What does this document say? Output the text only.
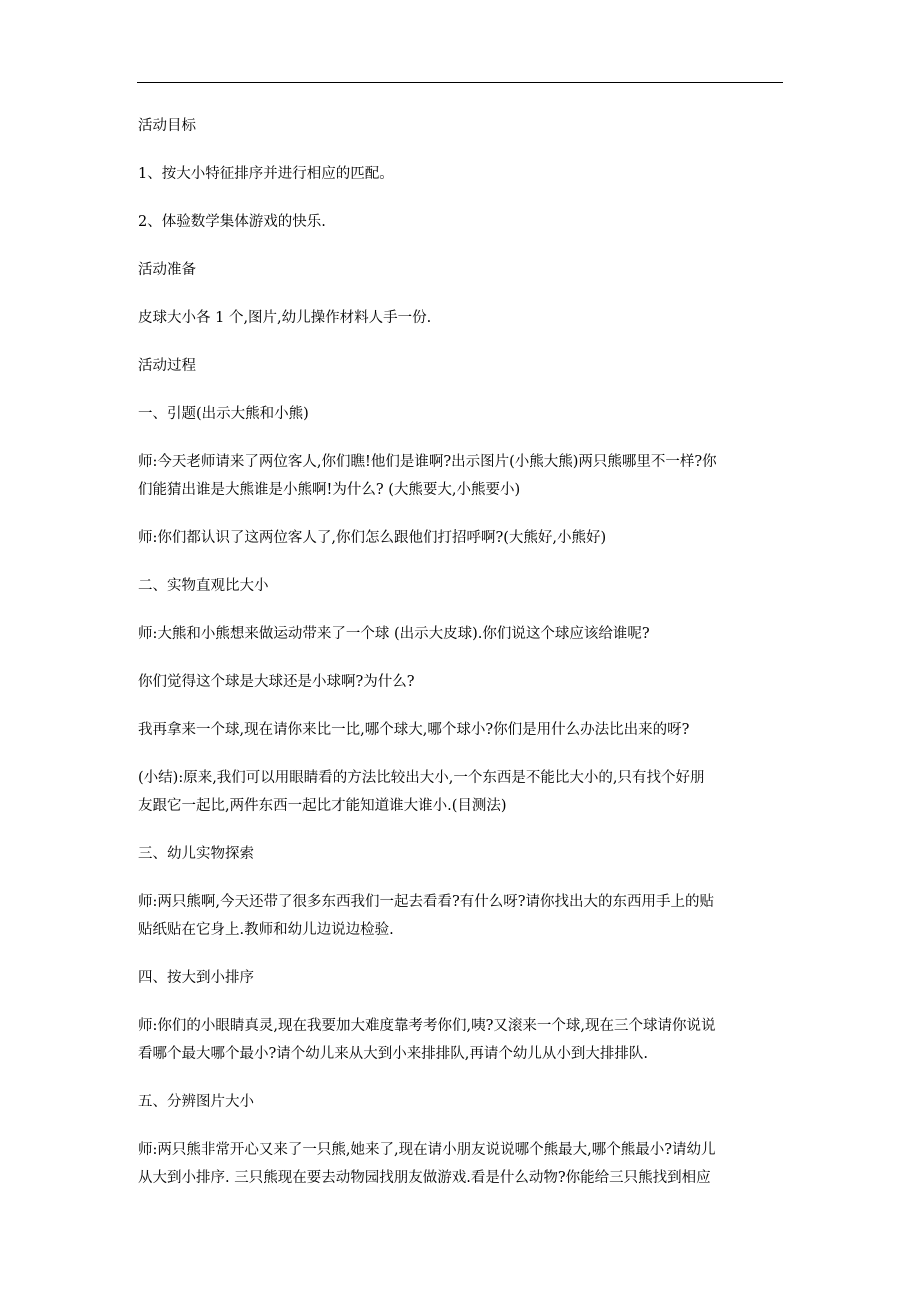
活动目标

1、按大小特征排序并进行相应的匹配。

2、体验数学集体游戏的快乐.

活动准备

皮球大小各 1 个,图片,幼儿操作材料人手一份.

活动过程

一、引题(出示大熊和小熊)

师:今天老师请来了两位客人,你们瞧!他们是谁啊?出示图片(小熊大熊)两只熊哪里不一样?你
们能猜出谁是大熊谁是小熊啊!为什么? (大熊要大,小熊要小)

师:你们都认识了这两位客人了,你们怎么跟他们打招呼啊?(大熊好,小熊好)

二、实物直观比大小

师:大熊和小熊想来做运动带来了一个球 (出示大皮球).你们说这个球应该给谁呢?

你们觉得这个球是大球还是小球啊?为什么?

我再拿来一个球,现在请你来比一比,哪个球大,哪个球小?你们是用什么办法比出来的呀?

(小结):原来,我们可以用眼睛看的方法比较出大小,一个东西是不能比大小的,只有找个好朋
友跟它一起比,两件东西一起比才能知道谁大谁小.(目测法)

三、幼儿实物探索

师:两只熊啊,今天还带了很多东西我们一起去看看?有什么呀?请你找出大的东西用手上的贴
贴纸贴在它身上.教师和幼儿边说边检验.

四、按大到小排序

师:你们的小眼睛真灵,现在我要加大难度靠考考你们,咦?又滚来一个球,现在三个球请你说说
看哪个最大哪个最小?请个幼儿来从大到小来排排队,再请个幼儿从小到大排排队.

五、分辨图片大小

师:两只熊非常开心又来了一只熊,她来了,现在请小朋友说说哪个熊最大,哪个熊最小?请幼儿
从大到小排序. 三只熊现在要去动物园找朋友做游戏.看是什么动物?你能给三只熊找到相应
